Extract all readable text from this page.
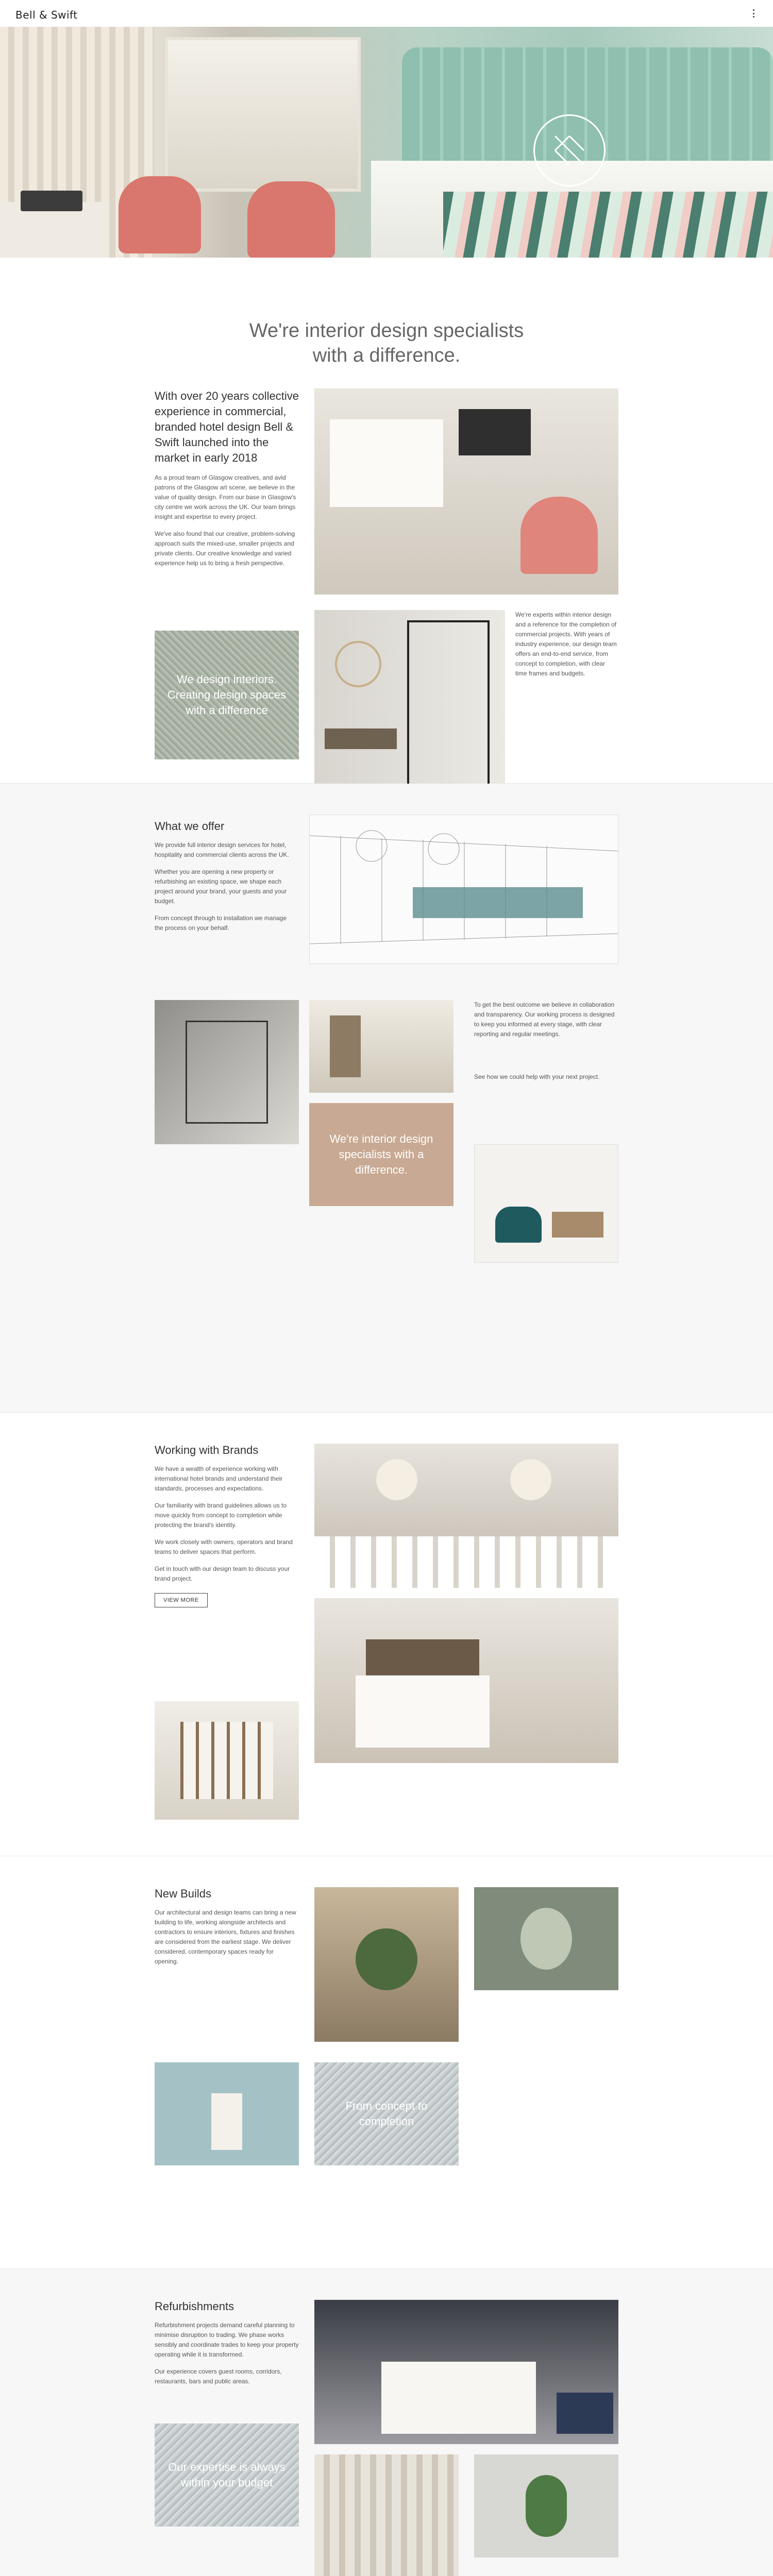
Bell & Swift
We're interior design specialists
with a difference.
With over 20 years collective experience in commercial, branded hotel design Bell & Swift launched into the market in early 2018
As a proud team of Glasgow creatives, and avid patrons of the Glasgow art scene, we believe in the value of quality design. From our base in Glasgow's city centre we work across the UK. Our team brings insight and expertise to every project.
We've also found that our creative, problem-solving approach suits the mixed-use, smaller projects and private clients. Our creative knowledge and varied experience help us to bring a fresh perspective.
We design interiors. Creating design spaces with a difference
We're experts within interior design and a reference for the completion of commercial projects. With years of industry experience, our design team offers an end-to-end service, from concept to completion, with clear time frames and budgets.
What we offer
We provide full interior design services for hotel, hospitality and commercial clients across the UK.
Whether you are opening a new property or refurbishing an existing space, we shape each project around your brand, your guests and your budget.
From concept through to installation we manage the process on your behalf.
To get the best outcome we believe in collaboration and transparency. Our working process is designed to keep you informed at every stage, with clear reporting and regular meetings.
See how we could help with your next project.
We're interior design specialists with a difference.
Working with Brands
We have a wealth of experience working with international hotel brands and understand their standards, processes and expectations.
Our familiarity with brand guidelines allows us to move quickly from concept to completion while protecting the brand's identity.
We work closely with owners, operators and brand teams to deliver spaces that perform.
Get in touch with our design team to discuss your brand project.
VIEW MORE
New Builds
Our architectural and design teams can bring a new building to life, working alongside architects and contractors to ensure interiors, fixtures and finishes are considered from the earliest stage. We deliver considered, contemporary spaces ready for opening.
From concept to completion
Refurbishments
Refurbishment projects demand careful planning to minimise disruption to trading. We phase works sensibly and coordinate trades to keep your property operating while it is transformed.
Our experience covers guest rooms, corridors, restaurants, bars and public areas.
Our expertise is always within your budget
